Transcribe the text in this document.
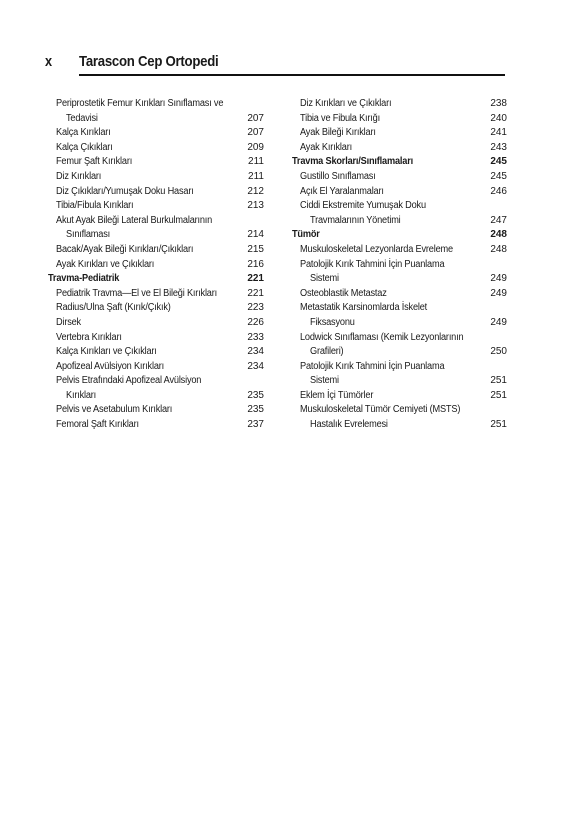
x Tarascon Cep Ortopedi
Periprostetik Femur Kırıkları Sınıflaması ve
Tedavisi	207
Kalça Kırıkları	207
Kalça Çıkıkları	209
Femur Şaft Kırıkları	211
Diz Kırıkları	211
Diz Çıkıkları/Yumuşak Doku Hasarı	212
Tibia/Fibula Kırıkları	213
Akut Ayak Bileği Lateral Burkulmalarının
Sınıflaması	214
Bacak/Ayak Bileği Kırıkları/Çıkıkları	215
Ayak Kırıkları ve Çıkıkları	216
Travma-Pediatrik	221
Pediatrik Travma—El ve El Bileği Kırıkları	221
Radius/Ulna Şaft (Kırık/Çıkık)	223
Dirsek	226
Vertebra Kırıkları	233
Kalça Kırıkları ve Çıkıkları	234
Apofizeal Avülsiyon Kırıkları	234
Pelvis Etrafındaki Apofizeal Avülsiyon
Kırıkları	235
Pelvis ve Asetabulum Kırıkları	235
Femoral Şaft Kırıkları	237
Diz Kırıkları ve Çıkıkları	238
Tibia ve Fibula Kırığı	240
Ayak Bileği Kırıkları	241
Ayak Kırıkları	243
Travma Skorları/Sınıflamaları	245
Gustillo Sınıflaması	245
Açık El Yaralanmaları	246
Ciddi Ekstremite Yumuşak Doku
Travmalarının Yönetimi	247
Tümör	248
Muskuloskeletal Lezyonlarda Evreleme	248
Patolojik Kırık Tahmini İçin Puanlama
Sistemi	249
Osteoblastik Metastaz	249
Metastatik Karsinomlarda İskelet
Fiksasyonu	249
Lodwick Sınıflaması (Kemik Lezyonlarının
Grafileri)	250
Patolojik Kırık Tahmini İçin Puanlama
Sistemi	251
Eklem İçi Tümörler	251
Muskuloskeletal Tümör Cemiyeti (MSTS)
Hastalık Evrelemesi	251
